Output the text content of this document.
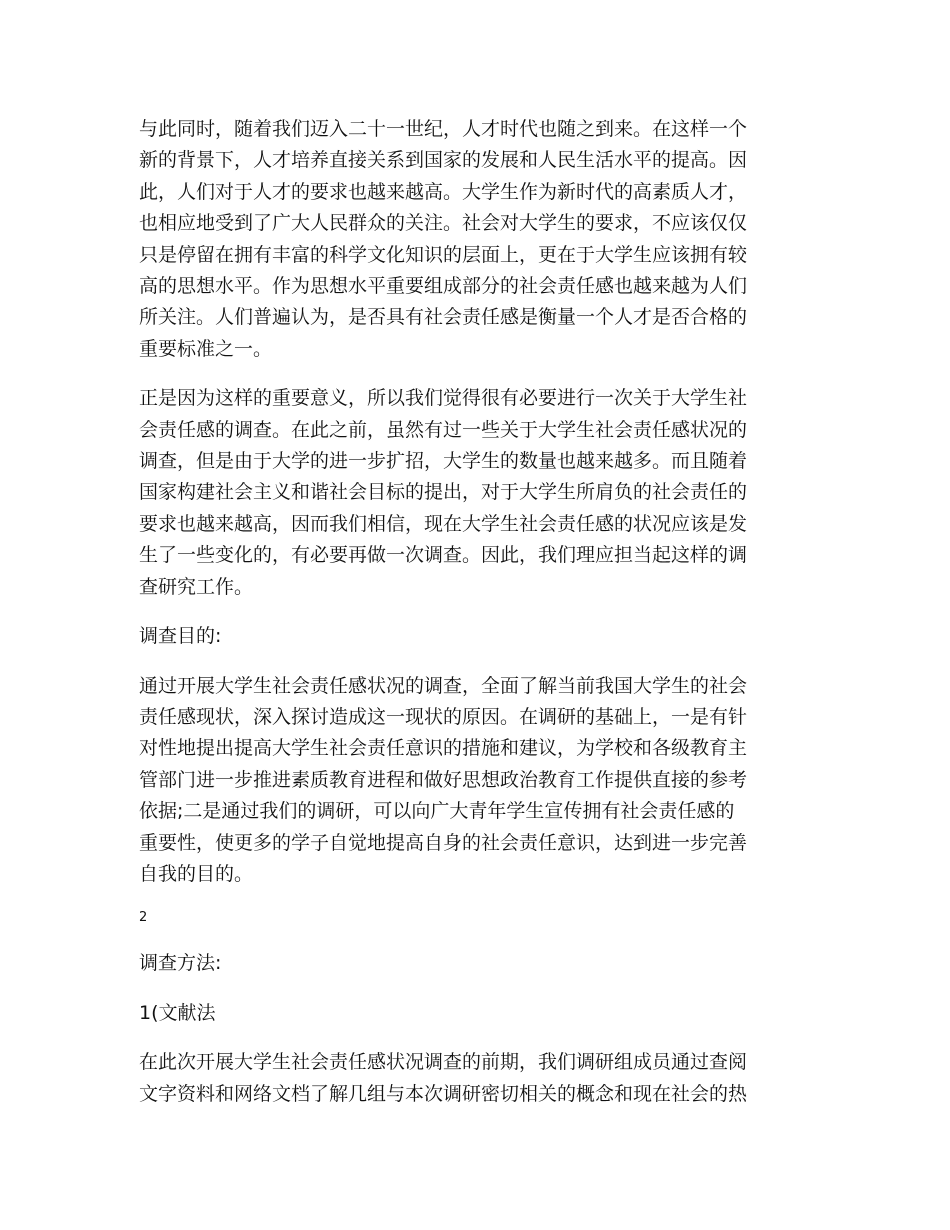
与此同时，随着我们迈入二十一世纪，人才时代也随之到来。在这样一个
新的背景下，人才培养直接关系到国家的发展和人民生活水平的提高。因
此，人们对于人才的要求也越来越高。大学生作为新时代的高素质人才，
也相应地受到了广大人民群众的关注。社会对大学生的要求，不应该仅仅
只是停留在拥有丰富的科学文化知识的层面上，更在于大学生应该拥有较
高的思想水平。作为思想水平重要组成部分的社会责任感也越来越为人们
所关注。人们普遍认为，是否具有社会责任感是衡量一个人才是否合格的
重要标准之一。

正是因为这样的重要意义，所以我们觉得很有必要进行一次关于大学生社
会责任感的调查。在此之前，虽然有过一些关于大学生社会责任感状况的
调查，但是由于大学的进一步扩招，大学生的数量也越来越多。而且随着
国家构建社会主义和谐社会目标的提出，对于大学生所肩负的社会责任的
要求也越来越高，因而我们相信，现在大学生社会责任感的状况应该是发
生了一些变化的，有必要再做一次调查。因此，我们理应担当起这样的调
查研究工作。

调查目的:

通过开展大学生社会责任感状况的调查，全面了解当前我国大学生的社会
责任感现状，深入探讨造成这一现状的原因。在调研的基础上，一是有针
对性地提出提高大学生社会责任意识的措施和建议，为学校和各级教育主
管部门进一步推进素质教育进程和做好思想政治教育工作提供直接的参考
依据;二是通过我们的调研，可以向广大青年学生宣传拥有社会责任感的
重要性，使更多的学子自觉地提高自身的社会责任意识，达到进一步完善
自我的目的。

2

调查方法:

1(文献法

在此次开展大学生社会责任感状况调查的前期，我们调研组成员通过查阅
文字资料和网络文档了解几组与本次调研密切相关的概念和现在社会的热
